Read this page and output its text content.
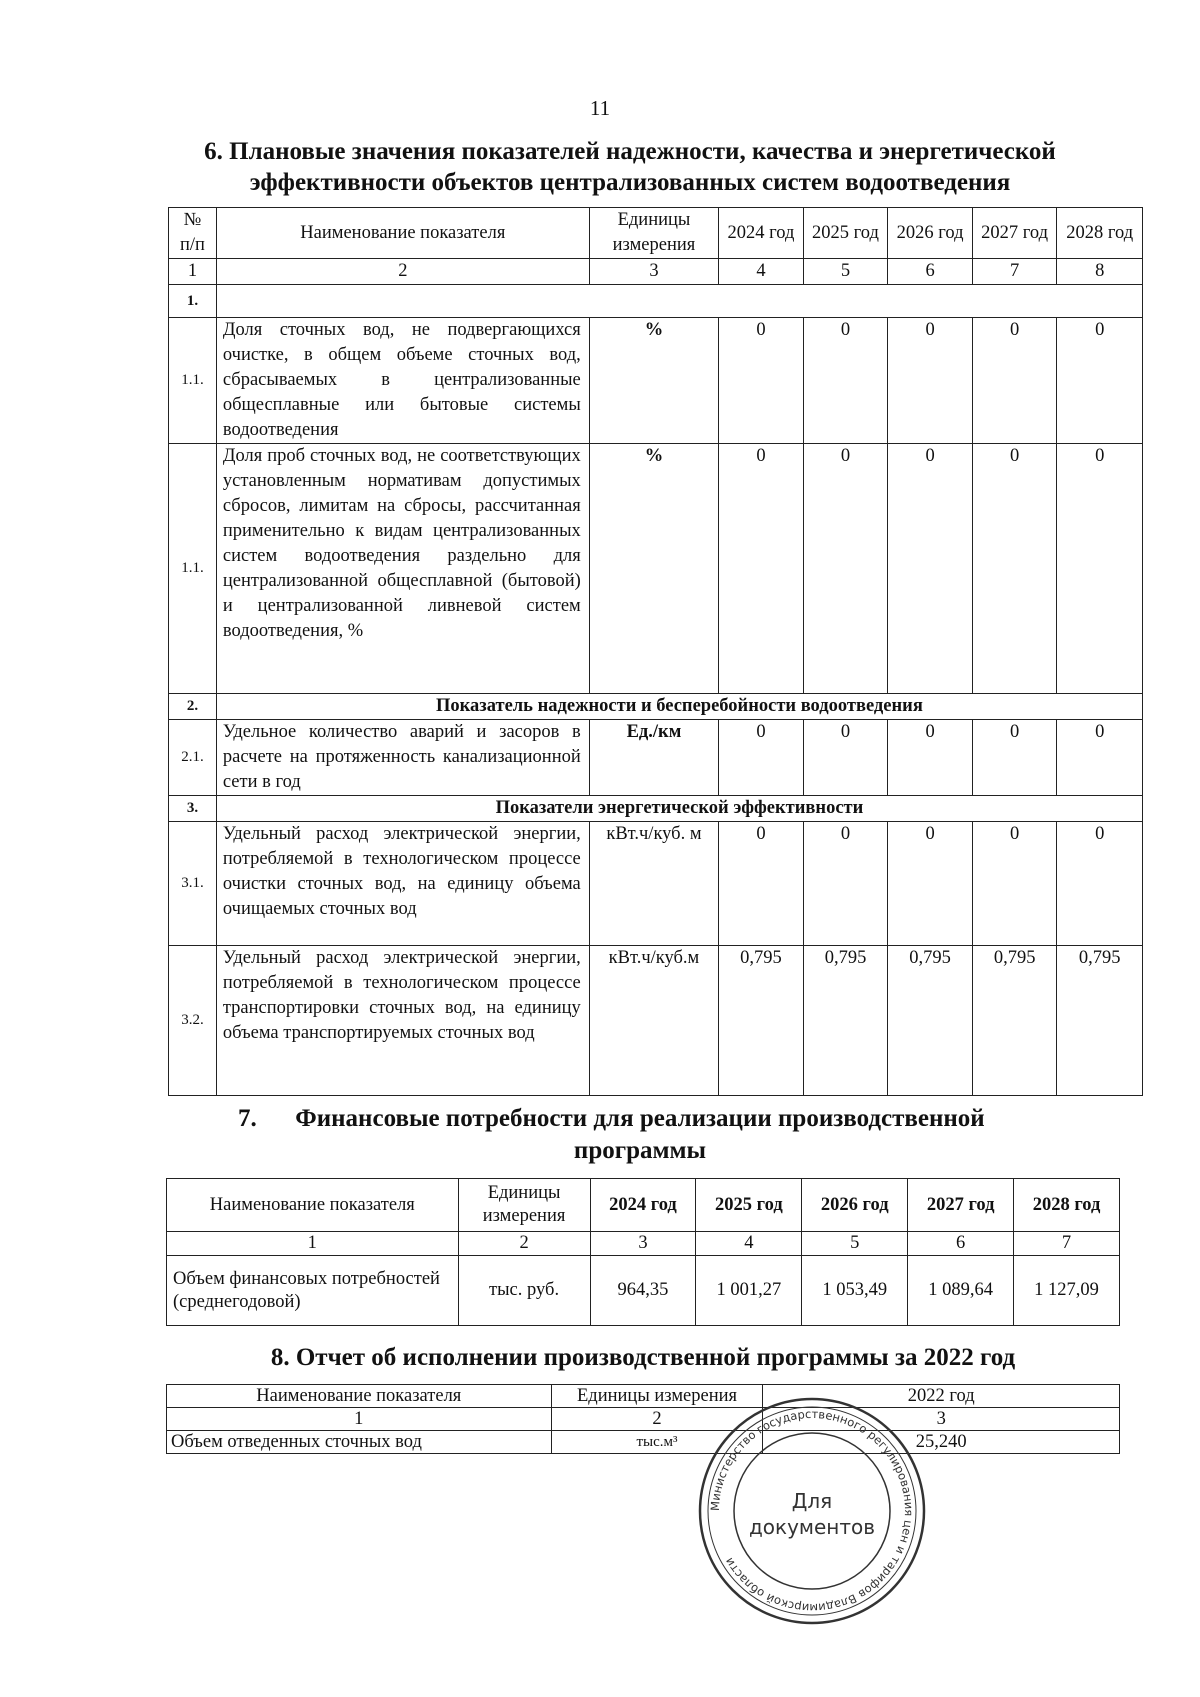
11
6. Плановые значения показателей надежности, качества и энергетической
эффективности объектов централизованных систем водоотведения
№ п/п	Наименование показателя	Единицы измерения	2024 год	2025 год	2026 год	2027 год	2028 год
1	2	3	4	5	6	7	8
1.							
1.1.	Доля сточных вод, не подвергающихся очистке, в общем объеме сточных вод, сбрасываемых в централизованные общесплавные или бытовые системы водоотведения	%	0	0	0	0	0
1.1.	Доля проб сточных вод, не соответствующих установленным нормативам допустимых сбросов, лимитам на сбросы, рассчитанная применительно к видам централизованных систем водоотведения раздельно для централизованной общесплавной (бытовой) и централизованной ливневой систем водоотведения, %	%	0	0	0	0	0
2.	Показатель надежности и бесперебойности водоотведения						
2.1.	Удельное количество аварий и засоров в расчете на протяженность канализационной сети в год	Ед./км	0	0	0	0	0
3.	Показатели энергетической эффективности						
3.1.	Удельный расход электрической энергии, потребляемой в технологическом процессе очистки сточных вод, на единицу объема очищаемых сточных вод	кВт.ч/куб. м	0	0	0	0	0
3.2.	Удельный расход электрической энергии, потребляемой в технологическом процессе транспортировки сточных вод, на единицу объема транспортируемых сточных вод	кВт.ч/куб.м	0,795	0,795	0,795	0,795	0,795
7.	Финансовые потребности для реализации производственной
программы
Наименование показателя	Единицы измерения	2024 год	2025 год	2026 год	2027 год	2028 год
1	2	3	4	5	6	7
Объем финансовых потребностей (среднегодовой)	тыс. руб.	964,35	1 001,27	1 053,49	1 089,64	1 127,09
8. Отчет об исполнении производственной программы за 2022 год
Наименование показателя	Единицы измерения	2022 год
1	2	3
Объем отведенных сточных вод	тыс.м³	25,240
Министерство государственного регулирования цен и тарифов Владимирской области
Для
документов
